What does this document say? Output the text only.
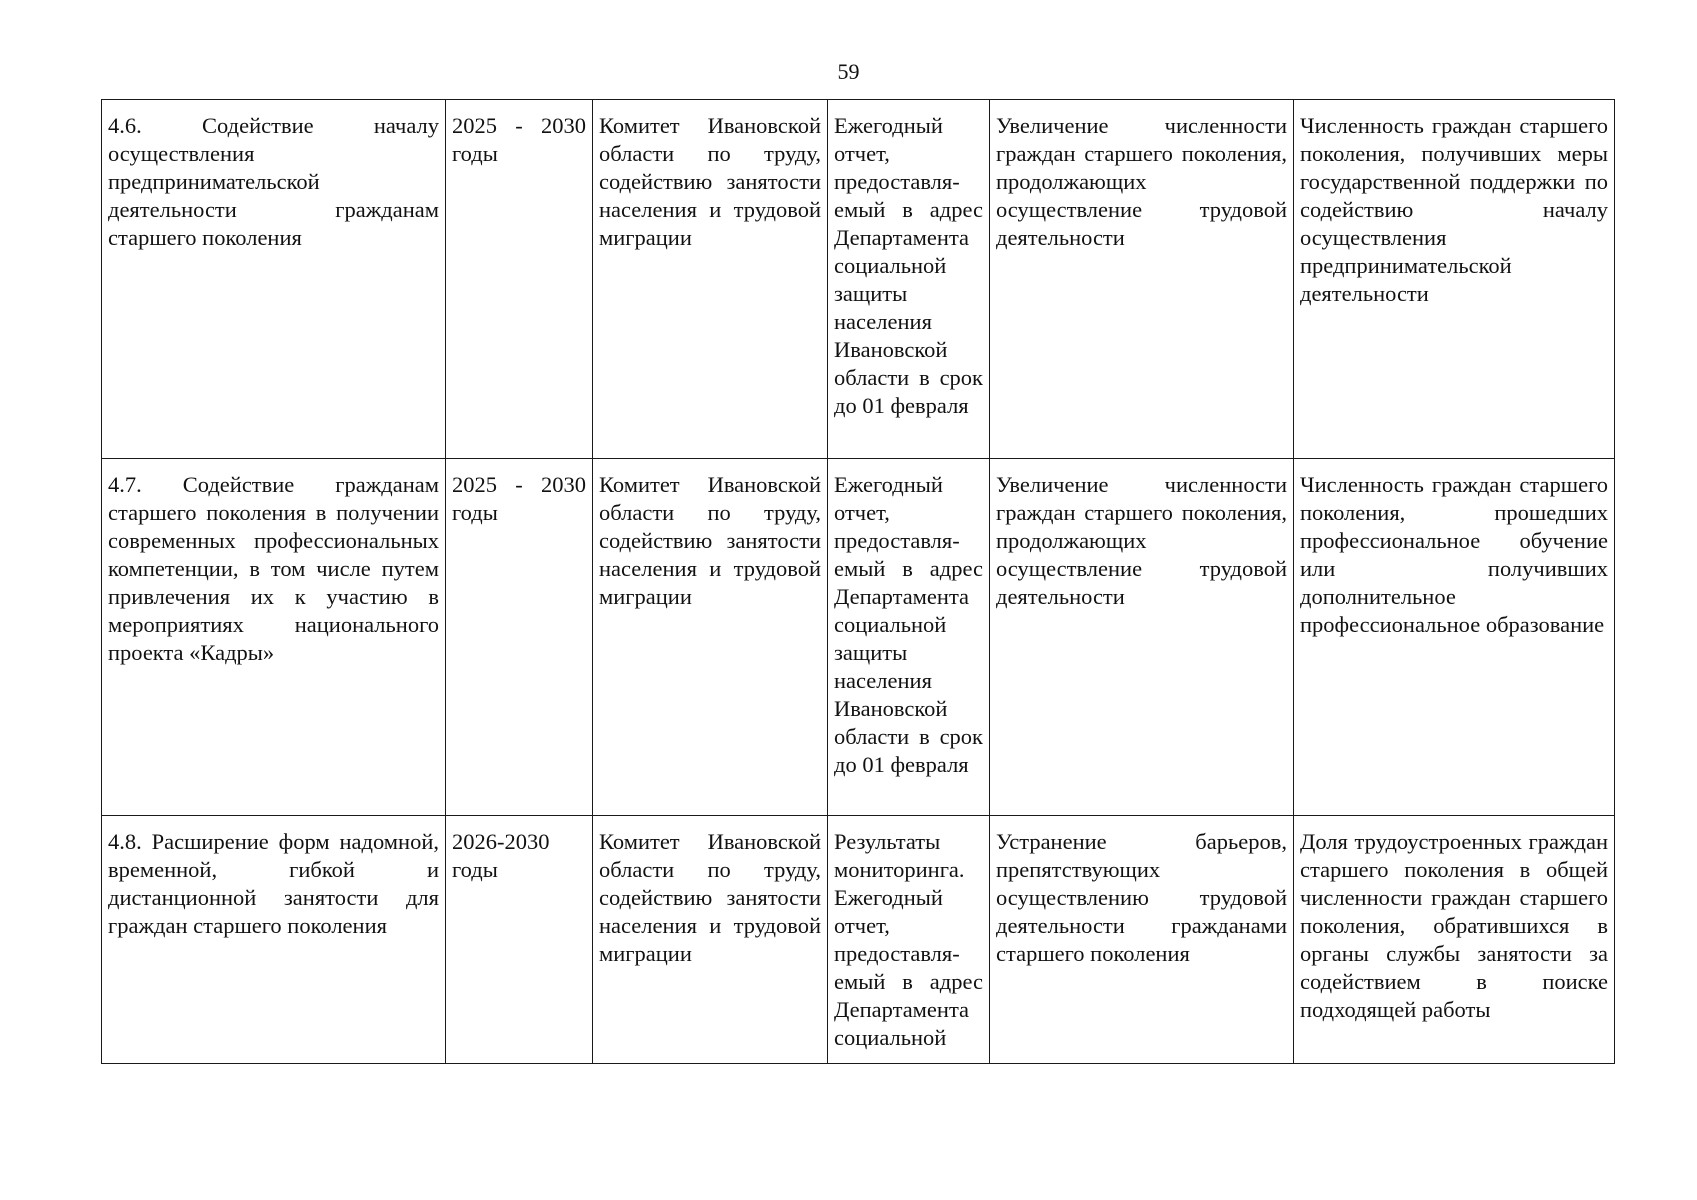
59
4.6. Содействие началу осуществления предпринимательской деятельности гражданам старшего поколения	2025 - 2030 годы	Комитет Ивановской области по труду, содействию занятости населения и трудовой миграции	Ежегодный отчет, предоставля-емый в адрес Департамента социальной защиты населения Ивановской области в срок до 01 февраля	Увеличение численности граждан старшего поколения, продолжающих осуществление трудовой деятельности	Численность граждан старшего поколения, получивших меры государственной поддержки по содействию началу осуществления предпринимательской деятельности
4.7. Содействие гражданам старшего поколения в получении современных профессиональных компетенции, в том числе путем привлечения их к участию в мероприятиях национального проекта «Кадры»	2025 - 2030 годы	Комитет Ивановской области по труду, содействию занятости населения и трудовой миграции	Ежегодный отчет, предоставля-емый в адрес Департамента социальной защиты населения Ивановской области в срок до 01 февраля	Увеличение численности граждан старшего поколения, продолжающих осуществление трудовой деятельности	Численность граждан старшего поколения, прошедших профессиональное обучение или получивших дополнительное профессиональное образование
4.8. Расширение форм надомной, временной, гибкой и дистанционной занятости для граждан старшего поколения	2026-2030 годы	Комитет Ивановской области по труду, содействию занятости населения и трудовой миграции	Результаты мониторинга. Ежегодный отчет, предоставля-емый в адрес Департамента социальной	Устранение барьеров, препятствующих осуществлению трудовой деятельности гражданами старшего поколения	Доля трудоустроенных граждан старшего поколения в общей численности граждан старшего поколения, обратившихся в органы службы занятости за содействием в поиске подходящей работы
